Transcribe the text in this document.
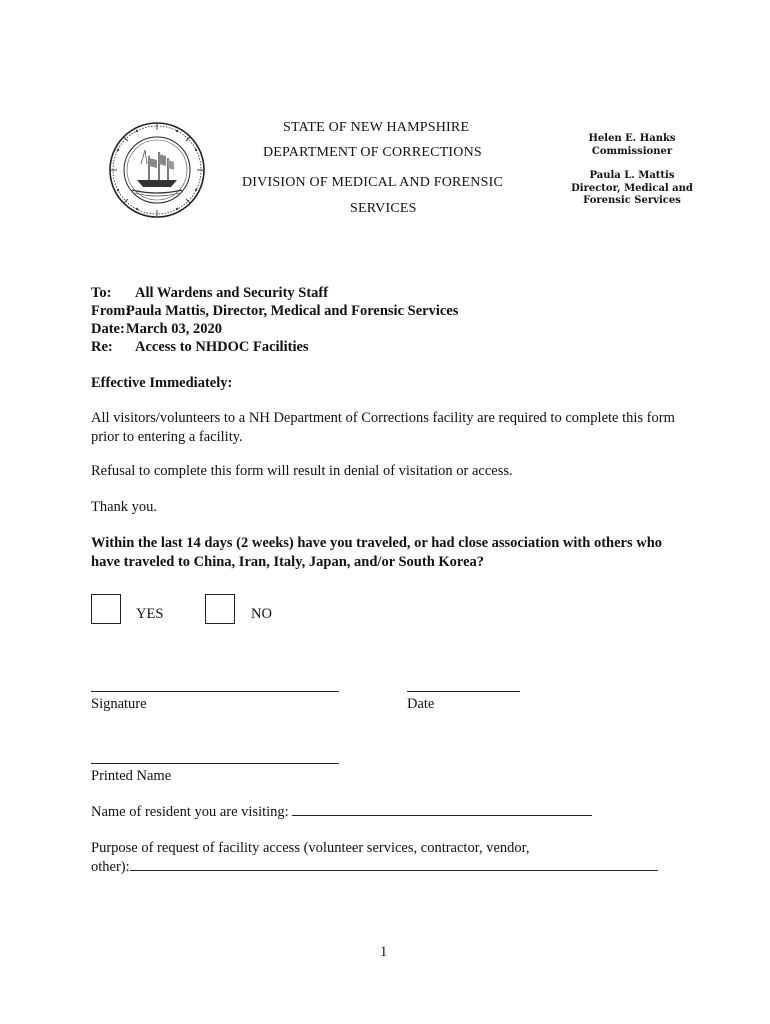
STATE OF NEW HAMPSHIRE
DEPARTMENT OF CORRECTIONS
DIVISION OF MEDICAL AND FORENSIC
SERVICES
Helen E. Hanks
Commissioner
Paula L. Mattis
Director, Medical and
Forensic Services
To: All Wardens and Security Staff
From:Paula Mattis, Director, Medical and Forensic Services
Date:March 03, 2020
Re: Access to NHDOC Facilities
Effective Immediately:
All visitors/volunteers to a NH Department of Corrections facility are required to complete this form prior to entering a facility.
Refusal to complete this form will result in denial of visitation or access.
Thank you.
Within the last 14 days (2 weeks) have you traveled, or had close association with others who have traveled to China, Iran, Italy, Japan, and/or South Korea?
YES	NO
Signature	Date
Printed Name
Name of resident you are visiting:
Purpose of request of facility access (volunteer services, contractor, vendor,
other):
1
